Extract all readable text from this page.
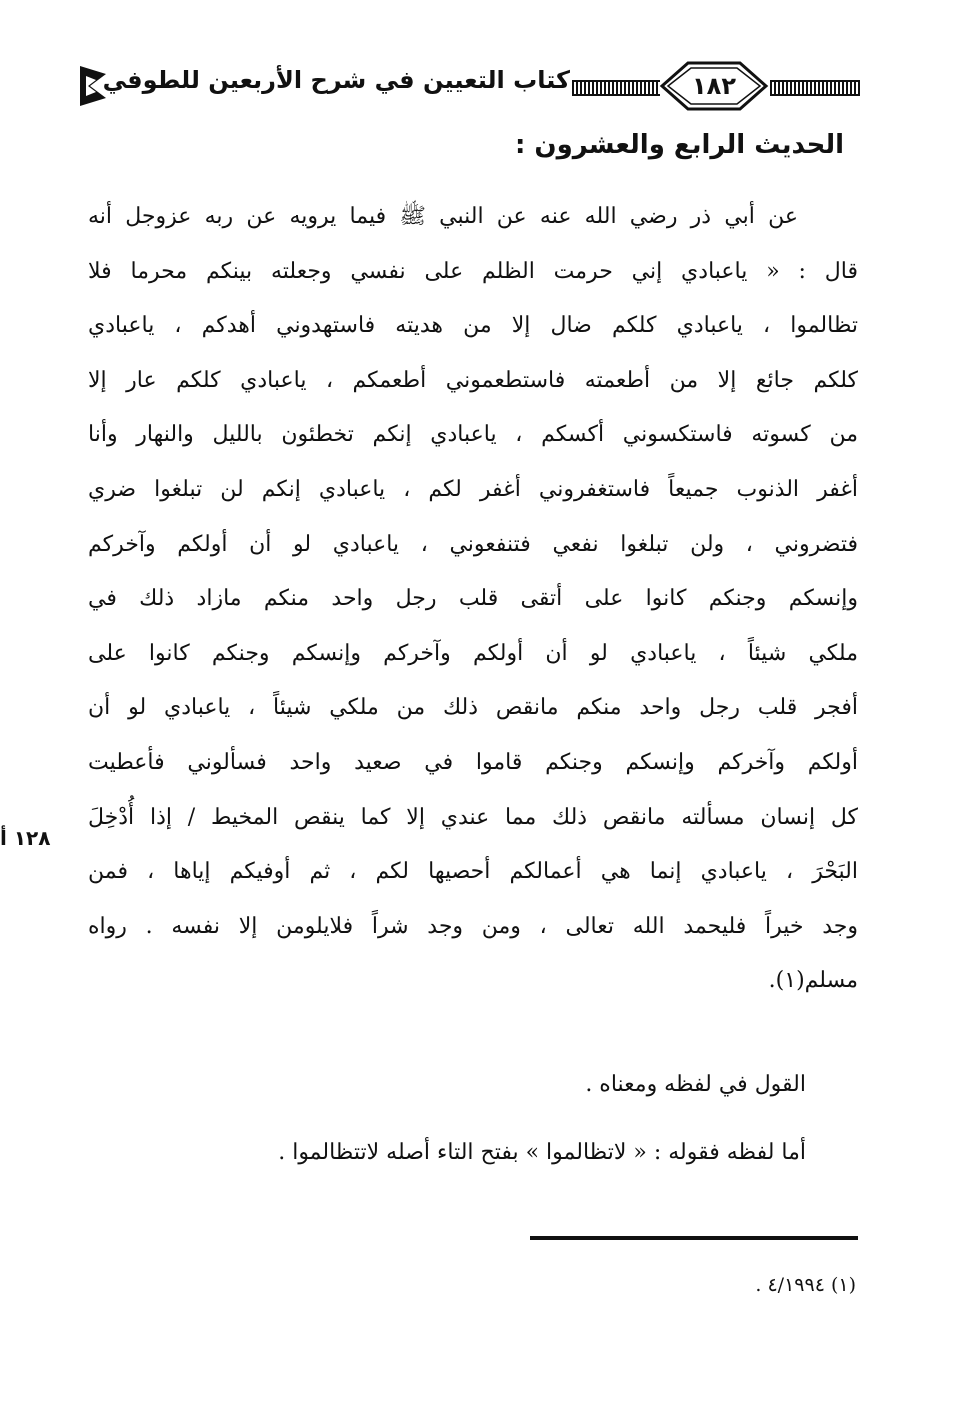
كتاب التعيين في شرح الأربعين للطوفي	١٨٢
الحديث الرابع والعشرون :
عن أبي ذر رضي الله عنه عن النبي ﷺ فيما يرويه عن ربه عزوجل أنه
قال : « ياعبادي إني حرمت الظلم على نفسي وجعلته بينكم محرما فلا
تظالموا ، ياعبادي كلكم ضال إلا من هديته فاستهدوني أهدكم ، ياعبادي
كلكم جائع إلا من أطعمته فاستطعموني أطعمكم ، ياعبادي كلكم عار إلا
من كسوته فاستكسوني أكسكم ، ياعبادي إنكم تخطئون بالليل والنهار وأنا
أغفر الذنوب جميعاً فاستغفروني أغفر لكم ، ياعبادي إنكم لن تبلغوا ضري
فتضروني ، ولن تبلغوا نفعي فتنفعوني ، ياعبادي لو أن أولكم وآخركم
وإنسكم وجنكم كانوا على أتقى قلب رجل واحد منكم مازاد ذلك في
ملكي شيئاً ، ياعبادي لو أن أولكم وآخركم وإنسكم وجنكم كانوا على
أفجر قلب رجل واحد منكم مانقص ذلك من ملكي شيئاً ، ياعبادي لو أن
أولكم وآخركم وإنسكم وجنكم قاموا في صعيد واحد فسألوني فأعطيت
كل إنسان مسألته مانقص ذلك مما عندي إلا كما ينقص المخيط / إذا أُدْخِلَ
البَحْرَ ، ياعبادي إنما هي أعمالكم أحصيها لكم ، ثم أوفيكم إياها ، فمن
وجد خيراً فليحمد الله تعالى ، ومن وجد شراً فلايلومن إلا نفسه . رواه
مسلم(١).
١٢٨ أ
القول في لفظه ومعناه .
أما لفظه فقوله : « لاتظالموا » بفتح التاء أصله لاتتظالموا .
(١) ٤/١٩٩٤ .
